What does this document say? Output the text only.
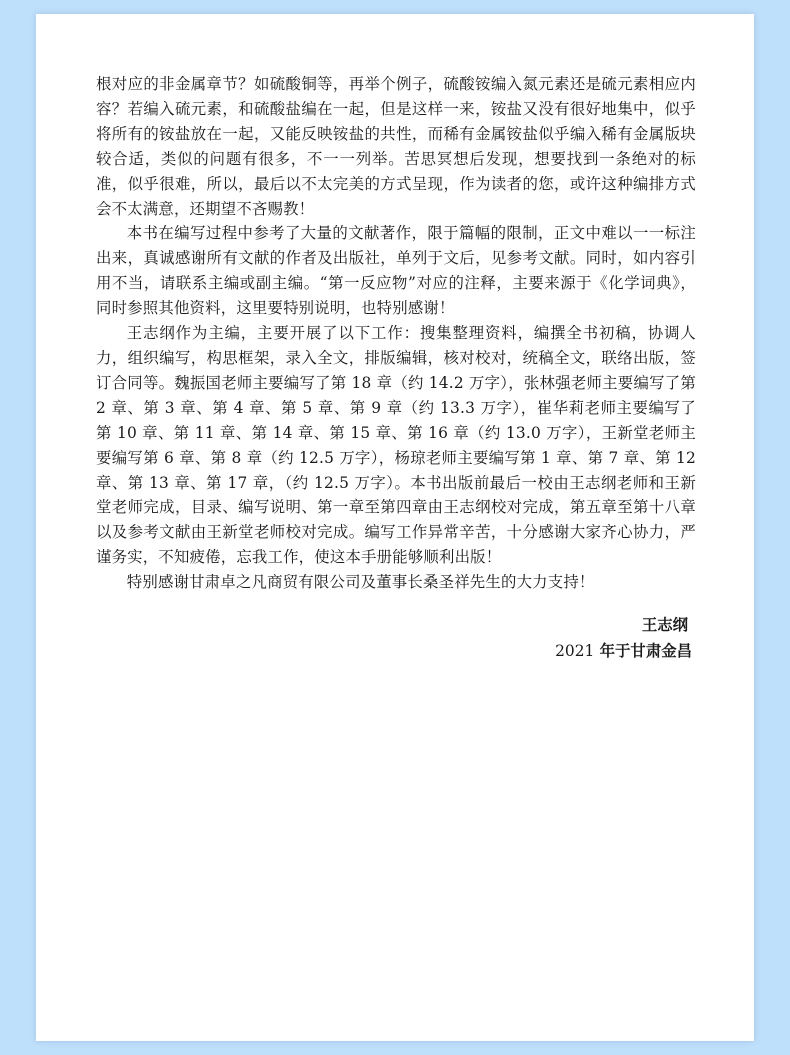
根对应的非金属章节？如硫酸铜等，再举个例子，硫酸铵编入氮元素还是硫元素相应内容？若编入硫元素，和硫酸盐编在一起，但是这样一来，铵盐又没有很好地集中，似乎将所有的铵盐放在一起，又能反映铵盐的共性，而稀有金属铵盐似乎编入稀有金属版块较合适，类似的问题有很多，不一一列举。苦思冥想后发现，想要找到一条绝对的标准，似乎很难，所以，最后以不太完美的方式呈现，作为读者的您，或许这种编排方式会不太满意，还期望不吝赐教！

本书在编写过程中参考了大量的文献著作，限于篇幅的限制，正文中难以一一标注出来，真诚感谢所有文献的作者及出版社，单列于文后，见参考文献。同时，如内容引用不当，请联系主编或副主编。“第一反应物”对应的注释，主要来源于《化学词典》，同时参照其他资料，这里要特别说明，也特别感谢！

王志纲作为主编，主要开展了以下工作：搜集整理资料，编撰全书初稿，协调人力，组织编写，构思框架，录入全文，排版编辑，核对校对，统稿全文，联络出版，签订合同等。魏振国老师主要编写了第 18 章（约 14.2 万字），张林强老师主要编写了第 2 章、第 3 章、第 4 章、第 5 章、第 9 章（约 13.3 万字），崔华莉老师主要编写了第 10 章、第 11 章、第 14 章、第 15 章、第 16 章（约 13.0 万字），王新堂老师主要编写第 6 章、第 8 章（约 12.5 万字），杨琼老师主要编写第 1 章、第 7 章、第 12 章、第 13 章、第 17 章，（约 12.5 万字）。本书出版前最后一校由王志纲老师和王新堂老师完成，目录、编写说明、第一章至第四章由王志纲校对完成，第五章至第十八章以及参考文献由王新堂老师校对完成。编写工作异常辛苦，十分感谢大家齐心协力，严谨务实，不知疲倦，忘我工作，使这本手册能够顺利出版！

特别感谢甘肃卓之凡商贸有限公司及董事长桑圣祥先生的大力支持！

王志纲
2021 年于甘肃金昌
